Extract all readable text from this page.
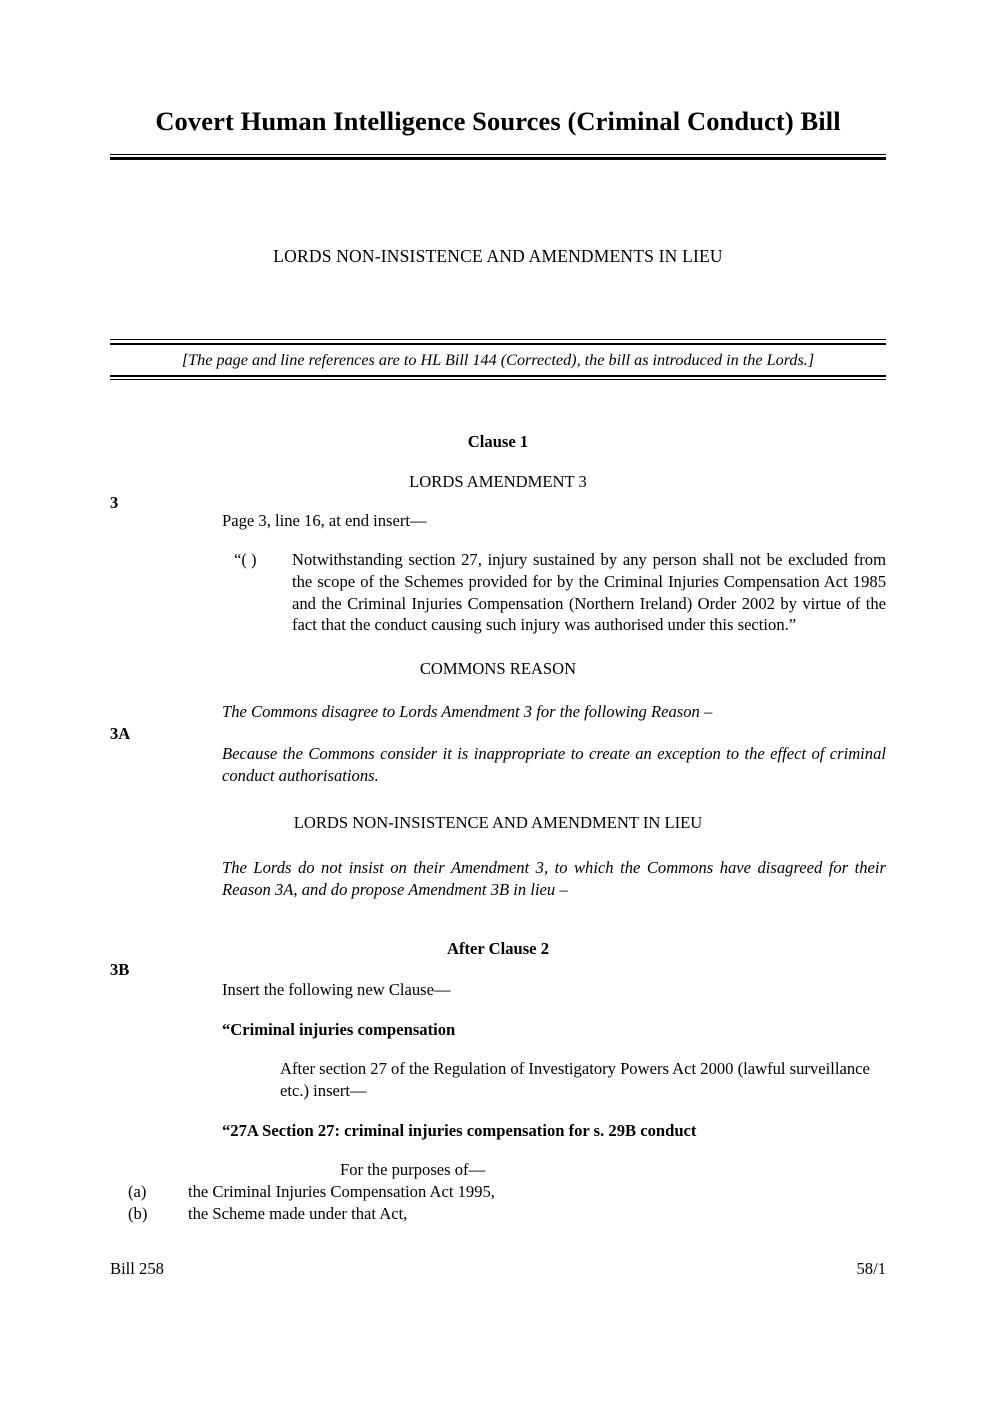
Covert Human Intelligence Sources (Criminal Conduct) Bill
LORDS NON-INSISTENCE AND AMENDMENTS IN LIEU

[The page and line references are to HL Bill 144 (Corrected), the bill as introduced in the Lords.]

Clause 1
LORDS AMENDMENT 3
3
Page 3, line 16, at end insert—
“( ) Notwithstanding section 27, injury sustained by any person shall not be excluded from the scope of the Schemes provided for by the Criminal Injuries Compensation Act 1985 and the Criminal Injuries Compensation (Northern Ireland) Order 2002 by virtue of the fact that the conduct causing such injury was authorised under this section.”
COMMONS REASON
The Commons disagree to Lords Amendment 3 for the following Reason –
3A
Because the Commons consider it is inappropriate to create an exception to the effect of criminal conduct authorisations.
LORDS NON-INSISTENCE AND AMENDMENT IN LIEU
The Lords do not insist on their Amendment 3, to which the Commons have disagreed for their Reason 3A, and do propose Amendment 3B in lieu –
After Clause 2
3B
Insert the following new Clause—
“Criminal injuries compensation
After section 27 of the Regulation of Investigatory Powers Act 2000 (lawful surveillance etc.) insert—
“27A Section 27: criminal injuries compensation for s. 29B conduct
For the purposes of—
(a)	the Criminal Injuries Compensation Act 1995,
(b) the Scheme made under that Act,
Bill 258	58/1
